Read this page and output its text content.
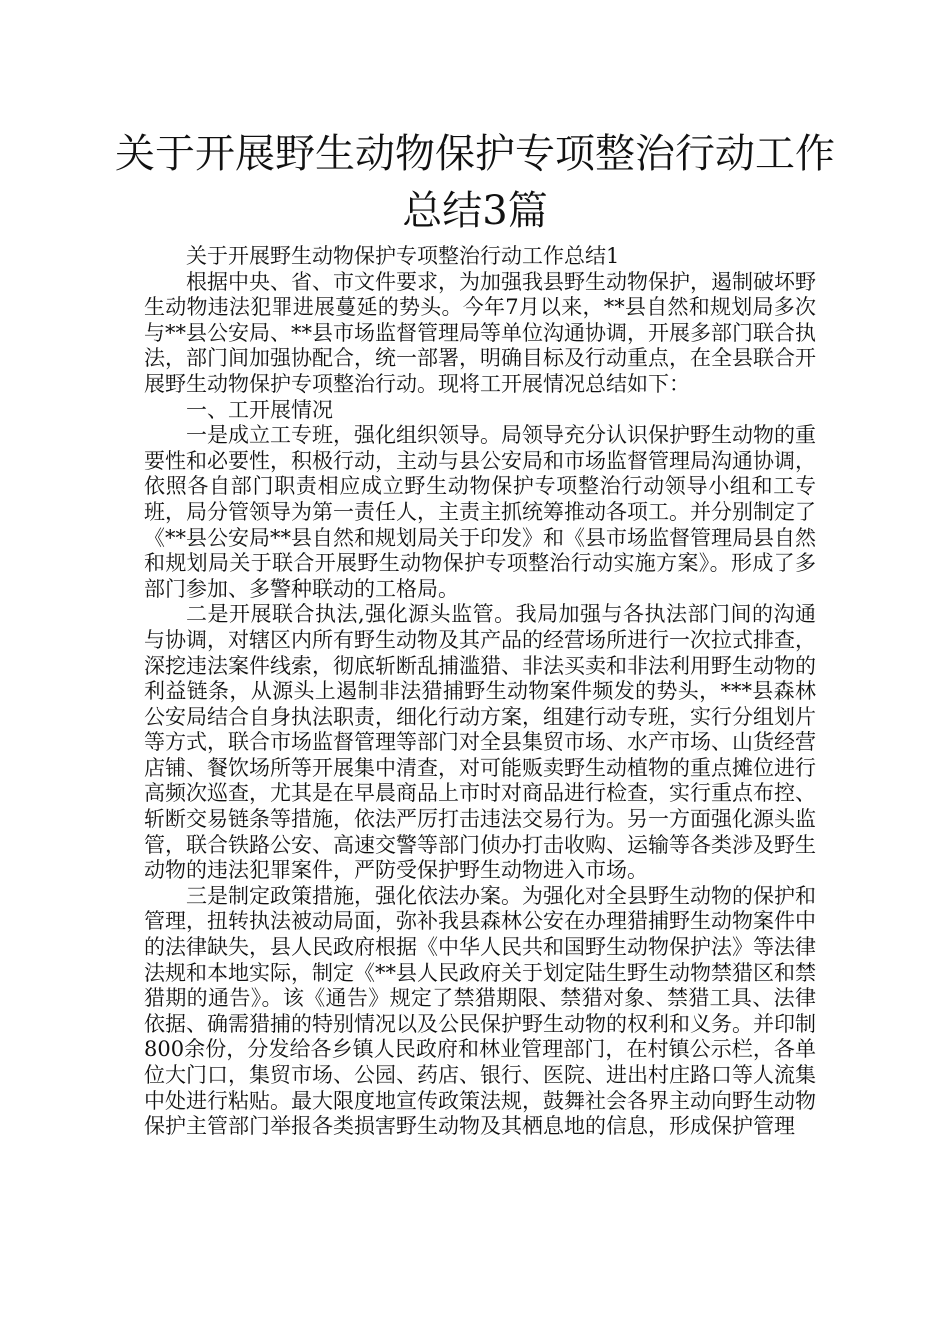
关于开展野生动物保护专项整治行动工作
总结3篇

关于开展野生动物保护专项整治行动工作总结1

根据中央、省、市文件要求，为加强我县野生动物保护，遏制破坏野生动物违法犯罪进展蔓延的势头。今年7月以来，**县自然和规划局多次与**县公安局、**县市场监督管理局等单位沟通协调，开展多部门联合执法，部门间加强协配合，统一部署，明确目标及行动重点，在全县联合开展野生动物保护专项整治行动。现将工开展情况总结如下：

一、工开展情况

一是成立工专班，强化组织领导。局领导充分认识保护野生动物的重要性和必要性，积极行动，主动与县公安局和市场监督管理局沟通协调，依照各自部门职责相应成立野生动物保护专项整治行动领导小组和工专班，局分管领导为第一责任人，主责主抓统筹推动各项工。并分别制定了《**县公安局**县自然和规划局关于印发》和《县市场监督管理局县自然和规划局关于联合开展野生动物保护专项整治行动实施方案》。形成了多部门参加、多警种联动的工格局。

二是开展联合执法,强化源头监管。我局加强与各执法部门间的沟通与协调，对辖区内所有野生动物及其产品的经营场所进行一次拉式排查，深挖违法案件线索，彻底斩断乱捕滥猎、非法买卖和非法利用野生动物的利益链条，从源头上遏制非法猎捕野生动物案件频发的势头，***县森林公安局结合自身执法职责，细化行动方案，组建行动专班，实行分组划片等方式，联合市场监督管理等部门对全县集贸市场、水产市场、山货经营店铺、餐饮场所等开展集中清查，对可能贩卖野生动植物的重点摊位进行高频次巡查，尤其是在早晨商品上市时对商品进行检查，实行重点布控、斩断交易链条等措施，依法严厉打击违法交易行为。另一方面强化源头监管，联合铁路公安、高速交警等部门侦办打击收购、运输等各类涉及野生动物的违法犯罪案件，严防受保护野生动物进入市场。

三是制定政策措施，强化依法办案。为强化对全县野生动物的保护和管理，扭转执法被动局面，弥补我县森林公安在办理猎捕野生动物案件中的法律缺失，县人民政府根据《中华人民共和国野生动物保护法》等法律法规和本地实际，制定《**县人民政府关于划定陆生野生动物禁猎区和禁猎期的通告》。该《通告》规定了禁猎期限、禁猎对象、禁猎工具、法律依据、确需猎捕的特别情况以及公民保护野生动物的权利和义务。并印制800余份，分发给各乡镇人民政府和林业管理部门，在村镇公示栏，各单位大门口，集贸市场、公园、药店、银行、医院、进出村庄路口等人流集中处进行粘贴。最大限度地宣传政策法规，鼓舞社会各界主动向野生动物保护主管部门举报各类损害野生动物及其栖息地的信息，形成保护管理
